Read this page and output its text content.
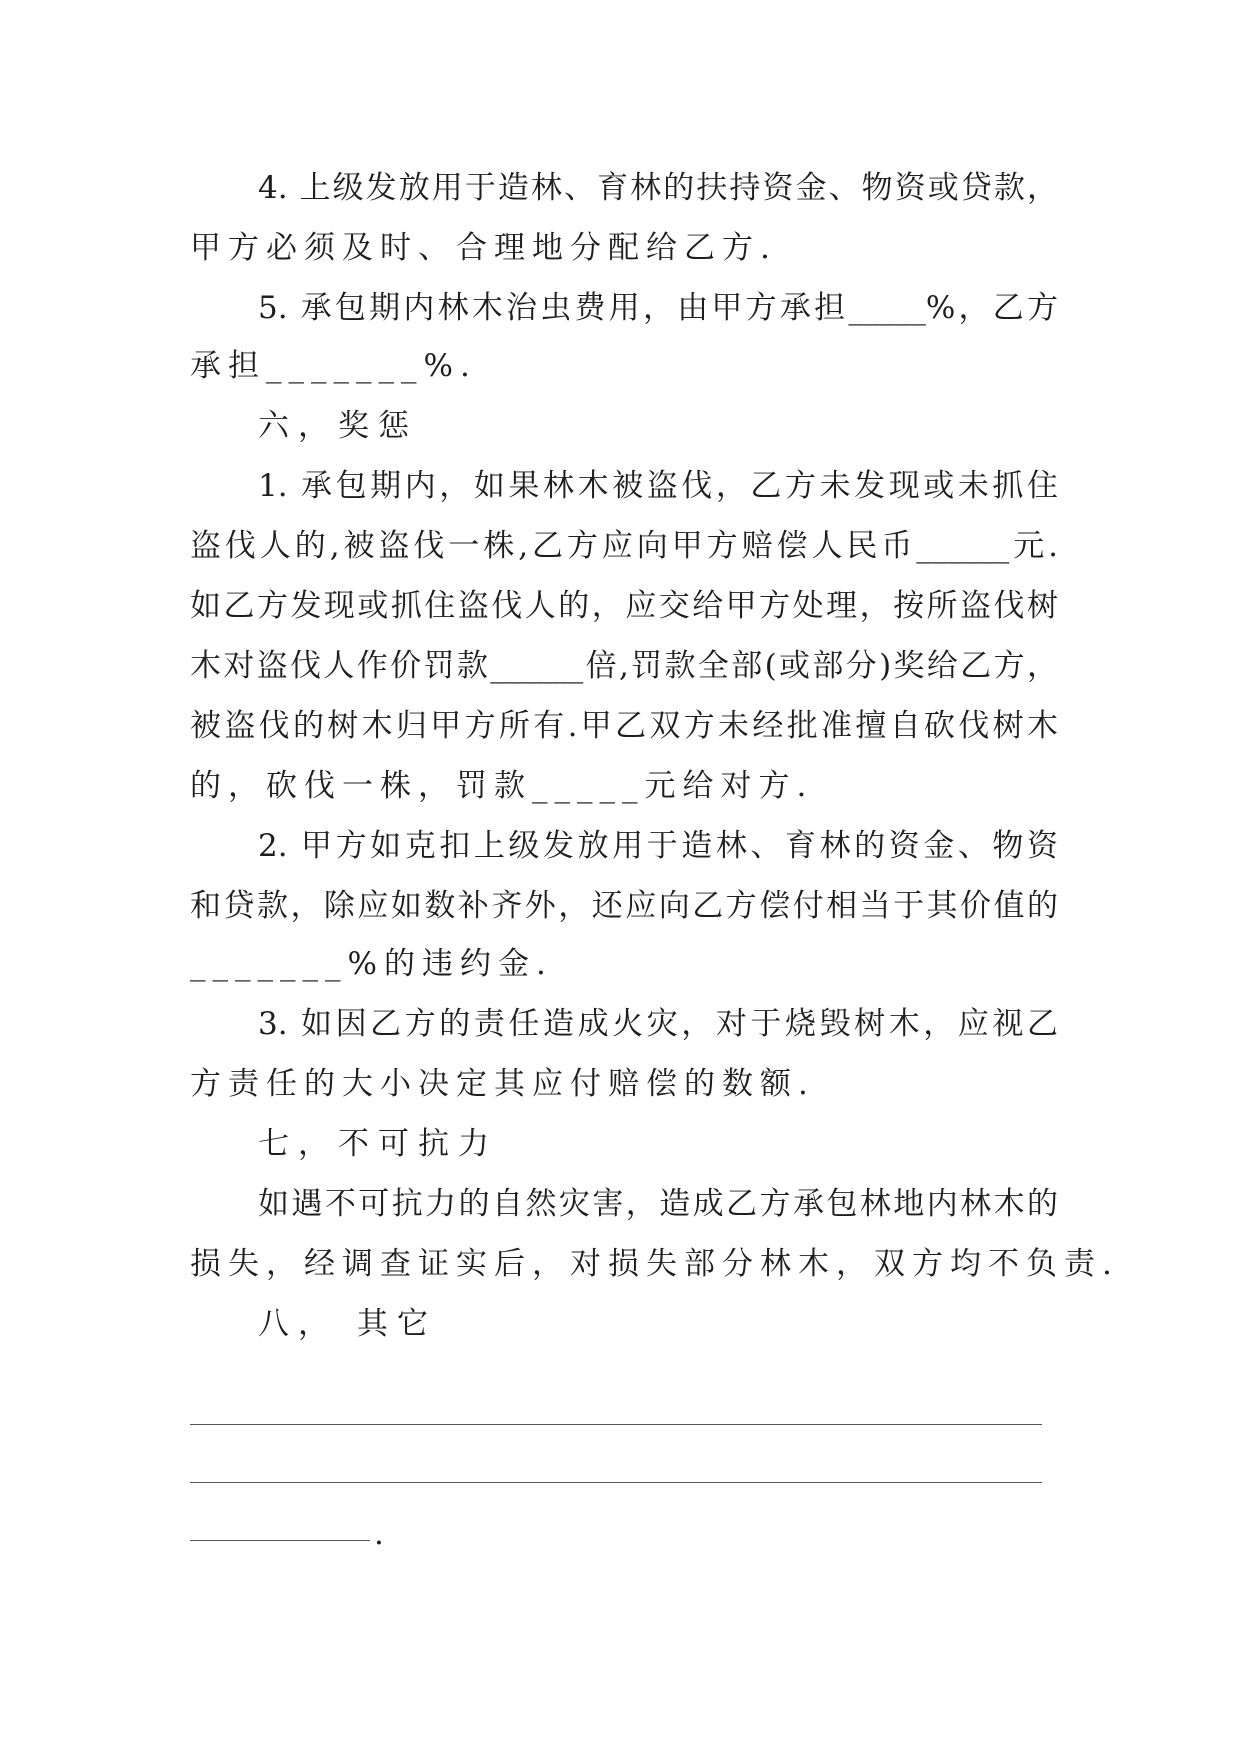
4. 上级发放用于造林、育林的扶持资金、物资或贷款，
甲方必须及时、合理地分配给乙方.
5. 承包期内林木治虫费用，由甲方承担_____%，乙方
承担_______%.
六，奖惩
1. 承包期内，如果林木被盗伐，乙方未发现或未抓住
盗伐人的,被盗伐一株,乙方应向甲方赔偿人民币______元.
如乙方发现或抓住盗伐人的，应交给甲方处理，按所盗伐树
木对盗伐人作价罚款______倍,罚款全部(或部分)奖给乙方，
被盗伐的树木归甲方所有.甲乙双方未经批准擅自砍伐树木
的，砍伐一株，罚款_____元给对方.
2. 甲方如克扣上级发放用于造林、育林的资金、物资
和贷款，除应如数补齐外，还应向乙方偿付相当于其价值的
_______%的违约金.
3. 如因乙方的责任造成火灾，对于烧毁树木，应视乙
方责任的大小决定其应付赔偿的数额.
七，不可抗力
如遇不可抗力的自然灾害，造成乙方承包林地内林木的
损失，经调查证实后，对损失部分林木，双方均不负责.
八， 其它
.
